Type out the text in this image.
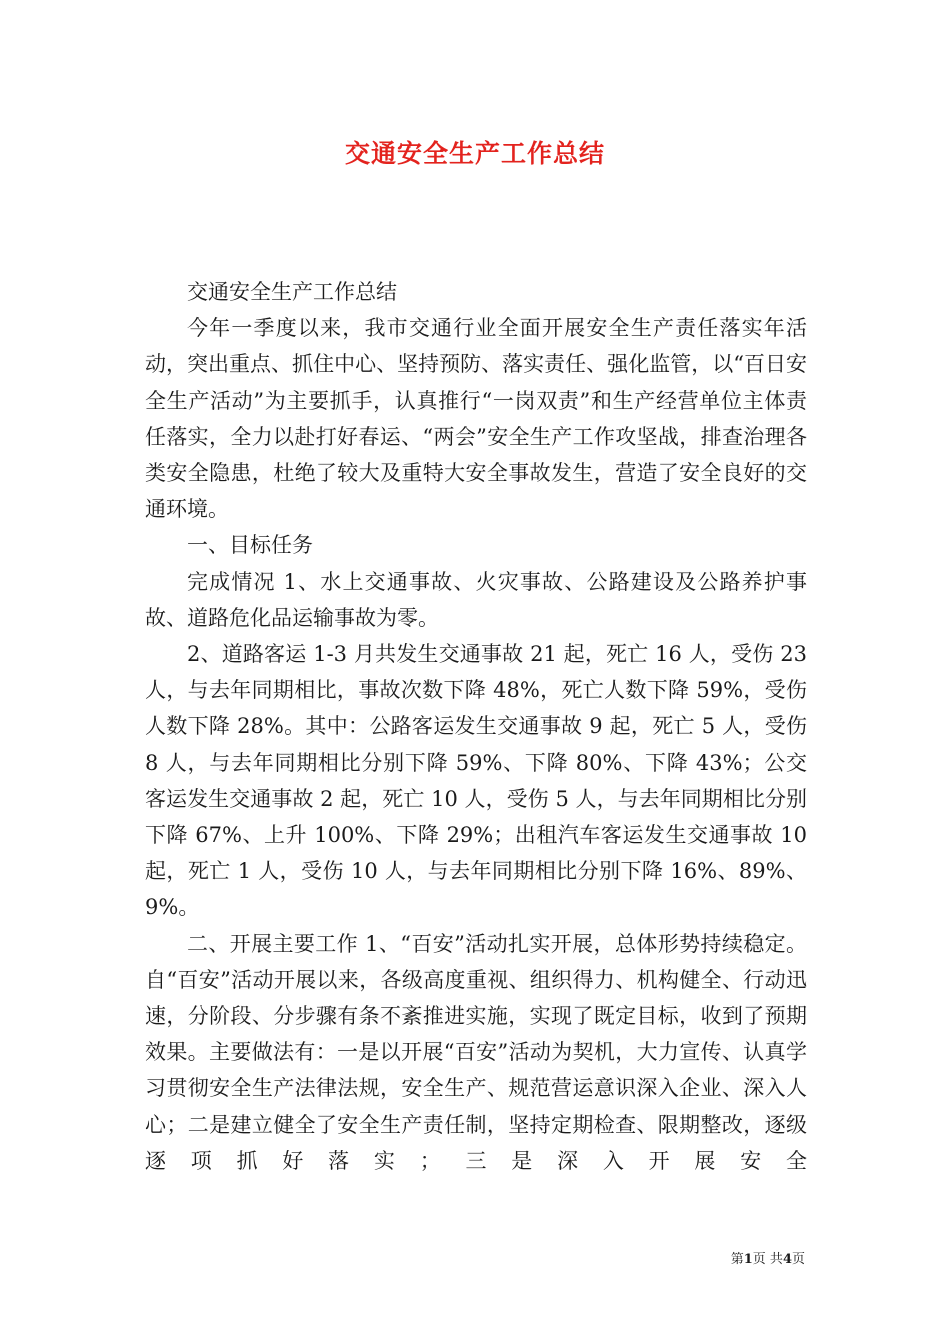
交通安全生产工作总结

交通安全生产工作总结

今年一季度以来，我市交通行业全面开展安全生产责任落实年活动，突出重点、抓住中心、坚持预防、落实责任、强化监管，以“百日安全生产活动”为主要抓手，认真推行“一岗双责”和生产经营单位主体责任落实，全力以赴打好春运、“两会”安全生产工作攻坚战，排查治理各类安全隐患，杜绝了较大及重特大安全事故发生，营造了安全良好的交通环境。

一、目标任务

完成情况 1、水上交通事故、火灾事故、公路建设及公路养护事故、道路危化品运输事故为零。

2、道路客运 1-3 月共发生交通事故 21 起，死亡 16 人，受伤 23 人，与去年同期相比，事故次数下降 48%，死亡人数下降 59%，受伤人数下降 28%。其中：公路客运发生交通事故 9 起，死亡 5 人，受伤 8 人，与去年同期相比分别下降 59%、下降 80%、下降 43%；公交客运发生交通事故 2 起，死亡 10 人，受伤 5 人，与去年同期相比分别下降 67%、上升 100%、下降 29%；出租汽车客运发生交通事故 10 起，死亡 1 人，受伤 10 人，与去年同期相比分别下降 16%、89%、9%。

二、开展主要工作 1、“百安”活动扎实开展，总体形势持续稳定。自“百安”活动开展以来，各级高度重视、组织得力、机构健全、行动迅速，分阶段、分步骤有条不紊推进实施，实现了既定目标，收到了预期效果。主要做法有：一是以开展“百安”活动为契机，大力宣传、认真学习贯彻安全生产法律法规，安全生产、规范营运意识深入企业、深入人心；二是建立健全了安全生产责任制，坚持定期检查、限期整改，逐级逐项抓好落实；三是深入开展安全

第1页 共4页
